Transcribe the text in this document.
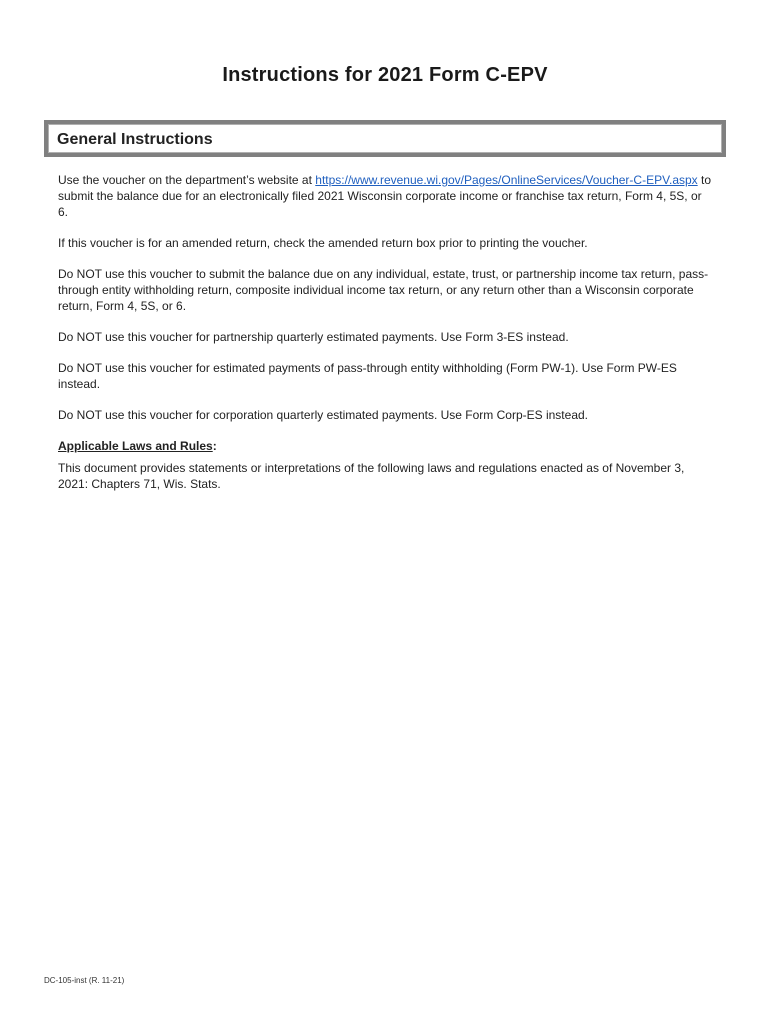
Instructions for 2021 Form C-EPV
General Instructions

Use the voucher on the department’s website at https://www.revenue.wi.gov/Pages/OnlineServices/Voucher-C-EPV.aspx to submit the balance due for an electronically filed 2021 Wisconsin corporate income or franchise tax return, Form 4, 5S, or 6.

If this voucher is for an amended return, check the amended return box prior to printing the voucher.

Do NOT use this voucher to submit the balance due on any individual, estate, trust, or partnership income tax return, pass-through entity withholding return, composite individual income tax return, or any return other than a Wisconsin corporate return, Form 4, 5S, or 6.

Do NOT use this voucher for partnership quarterly estimated payments. Use Form 3-ES instead.

Do NOT use this voucher for estimated payments of pass-through entity withholding (Form PW-1). Use Form PW-ES instead.

Do NOT use this voucher for corporation quarterly estimated payments. Use Form Corp-ES instead.

Applicable Laws and Rules:

This document provides statements or interpretations of the following laws and regulations enacted as of November 3, 2021: Chapters 71, Wis. Stats.

DC-105-inst (R. 11-21)
